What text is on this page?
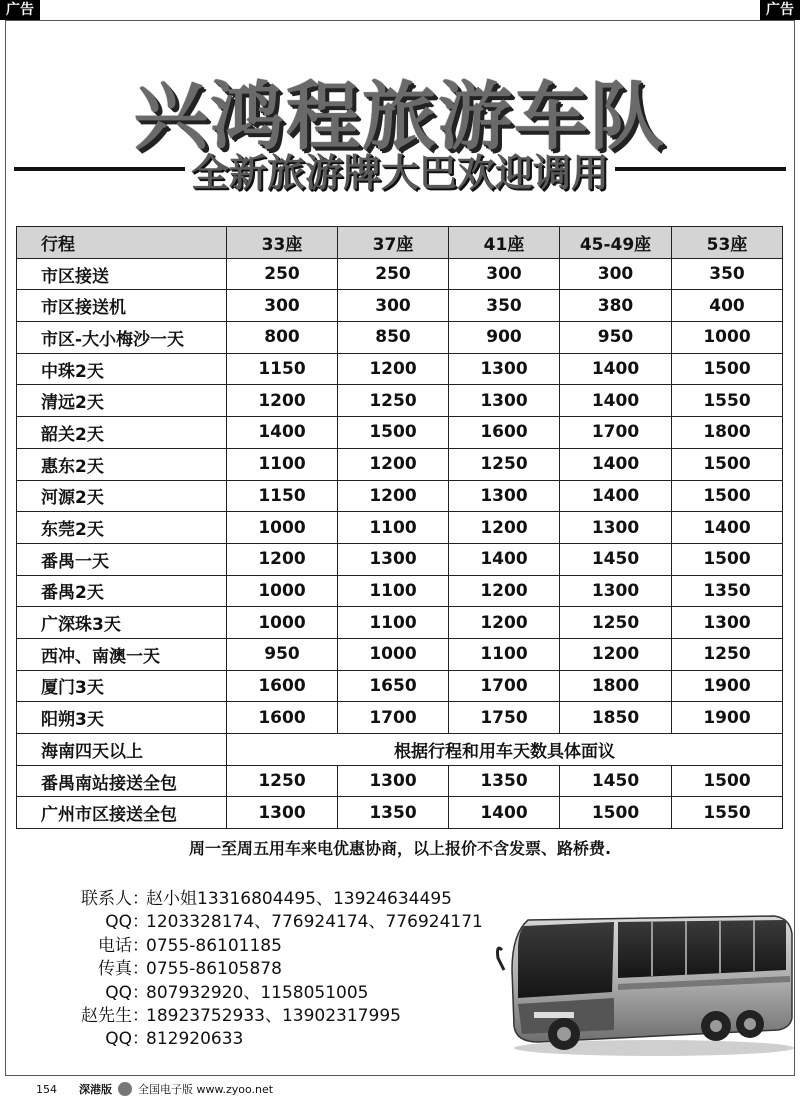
广告	广告
兴鸿程旅游车队
全新旅游牌大巴欢迎调用
行程	33座	37座	41座	45-49座	53座
市区接送	250	250	300	300	350
市区接送机	300	300	350	380	400
市区-大小梅沙一天	800	850	900	950	1000
中珠2天	1150	1200	1300	1400	1500
清远2天	1200	1250	1300	1400	1550
韶关2天	1400	1500	1600	1700	1800
惠东2天	1100	1200	1250	1400	1500
河源2天	1150	1200	1300	1400	1500
东莞2天	1000	1100	1200	1300	1400
番禺一天	1200	1300	1400	1450	1500
番禺2天	1000	1100	1200	1300	1350
广深珠3天	1000	1100	1200	1250	1300
西冲、南澳一天	950	1000	1100	1200	1250
厦门3天	1600	1650	1700	1800	1900
阳朔3天	1600	1700	1750	1850	1900
海南四天以上	根据行程和用车天数具体面议				
番禺南站接送全包	1250	1300	1350	1450	1500
广州市区接送全包	1300	1350	1400	1500	1550
周一至周五用车来电优惠协商，以上报价不含发票、路桥费.
联系人 ：
赵小姐13316804495、13924634495
QQ ：
1203328174、776924174、776924171
电话 ：
0755-86101185
传真 ：
0755-86105878
QQ ：
807932920、1158051005
赵先生 ：
18923752933、13902317995
QQ ：
812920633
154 深港版 全国电子版 www.zyoo.net
